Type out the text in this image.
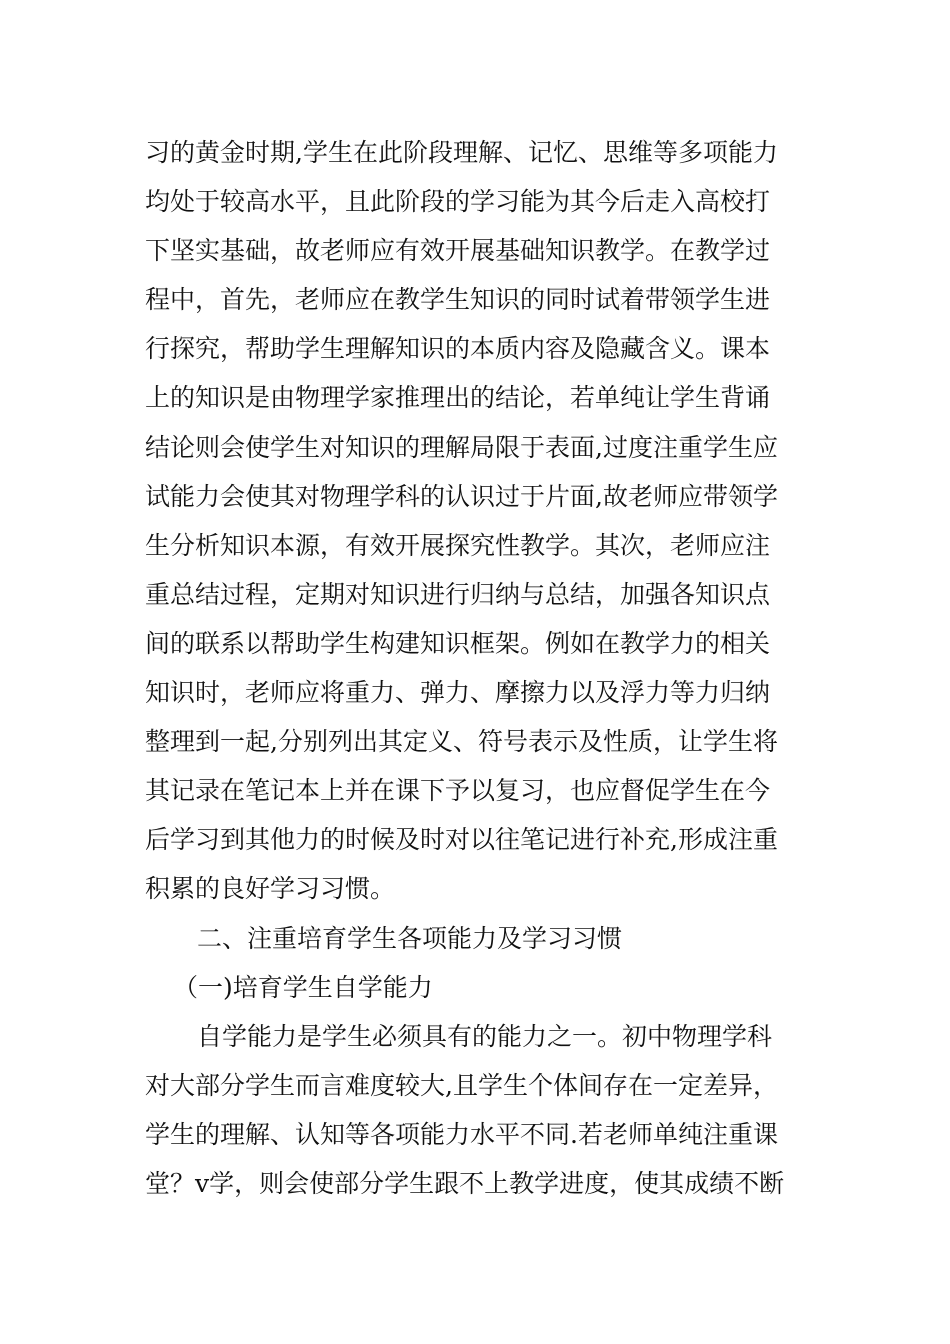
习的黄金时期,学生在此阶段理解、记忆、思维等多项能力
均处于较高水平，且此阶段的学习能为其今后走入高校打
下坚实基础，故老师应有效开展基础知识教学。在教学过
程中，首先，老师应在教学生知识的同时试着带领学生进
行探究，帮助学生理解知识的本质内容及隐藏含义。课本
上的知识是由物理学家推理出的结论，若单纯让学生背诵
结论则会使学生对知识的理解局限于表面,过度注重学生应
试能力会使其对物理学科的认识过于片面,故老师应带领学
生分析知识本源，有效开展探究性教学。其次，老师应注
重总结过程，定期对知识进行归纳与总结，加强各知识点
间的联系以帮助学生构建知识框架。例如在教学力的相关
知识时，老师应将重力、弹力、摩擦力以及浮力等力归纳
整理到一起,分别列出其定义、符号表示及性质，让学生将
其记录在笔记本上并在课下予以复习，也应督促学生在今
后学习到其他力的时候及时对以往笔记进行补充,形成注重
积累的良好学习习惯。
二、注重培育学生各项能力及学习习惯
（一)培育学生自学能力
自学能力是学生必须具有的能力之一。初中物理学科
对大部分学生而言难度较大,且学生个体间存在一定差异，
学生的理解、认知等各项能力水平不同.若老师单纯注重课
堂？v学，则会使部分学生跟不上教学进度，使其成绩不断
